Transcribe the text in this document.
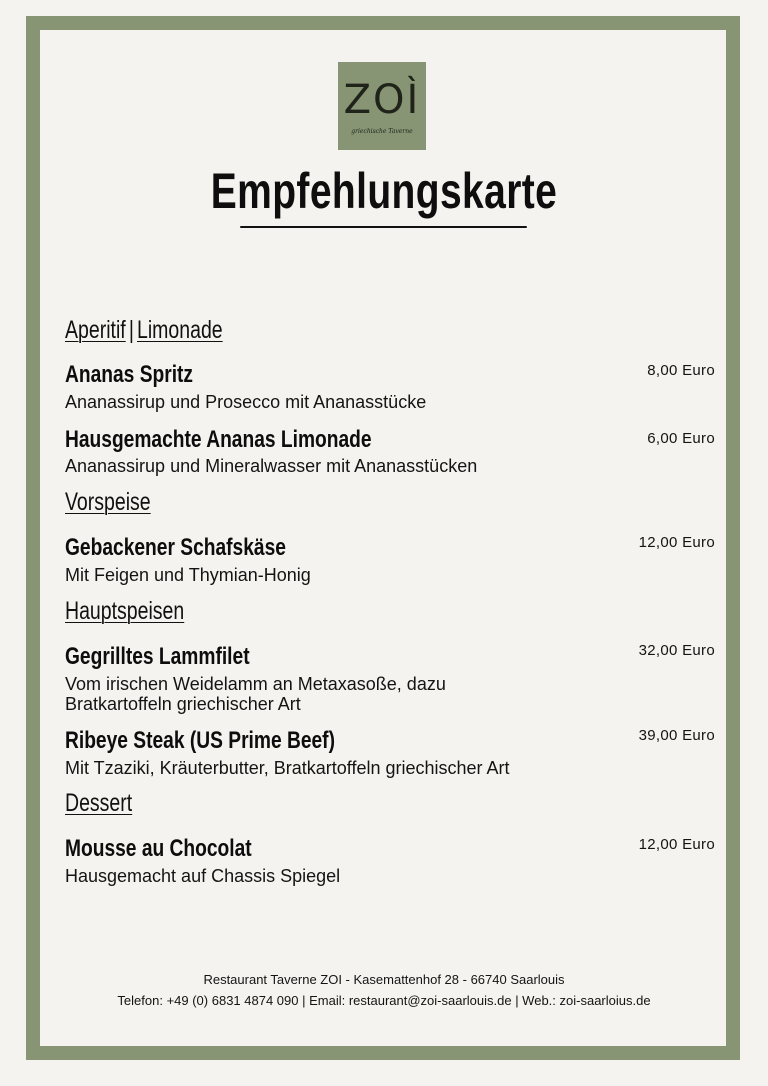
ZOÌ
griechische Taverne
Empfehlungskarte
Aperitif | Limonade
Ananas Spritz	8,00 Euro
Ananassirup und Prosecco mit Ananasstücke
Hausgemachte Ananas Limonade	6,00 Euro
Ananassirup und Mineralwasser mit Ananasstücken
Vorspeise
Gebackener Schafskäse	12,00 Euro
Mit Feigen und Thymian-Honig
Hauptspeisen
Gegrilltes Lammfilet	32,00 Euro
Vom irischen Weidelamm an Metaxasoße, dazu Bratkartoffeln griechischer Art
Ribeye Steak (US Prime Beef)	39,00 Euro
Mit Tzaziki, Kräuterbutter, Bratkartoffeln griechischer Art
Dessert
Mousse au Chocolat	12,00 Euro
Hausgemacht auf Chassis Spiegel
Restaurant Taverne ZOI - Kasemattenhof 28 - 66740 Saarlouis
Telefon: +49 (0) 6831 4874 090 | Email: restaurant@zoi-saarlouis.de | Web.: zoi-saarloius.de
